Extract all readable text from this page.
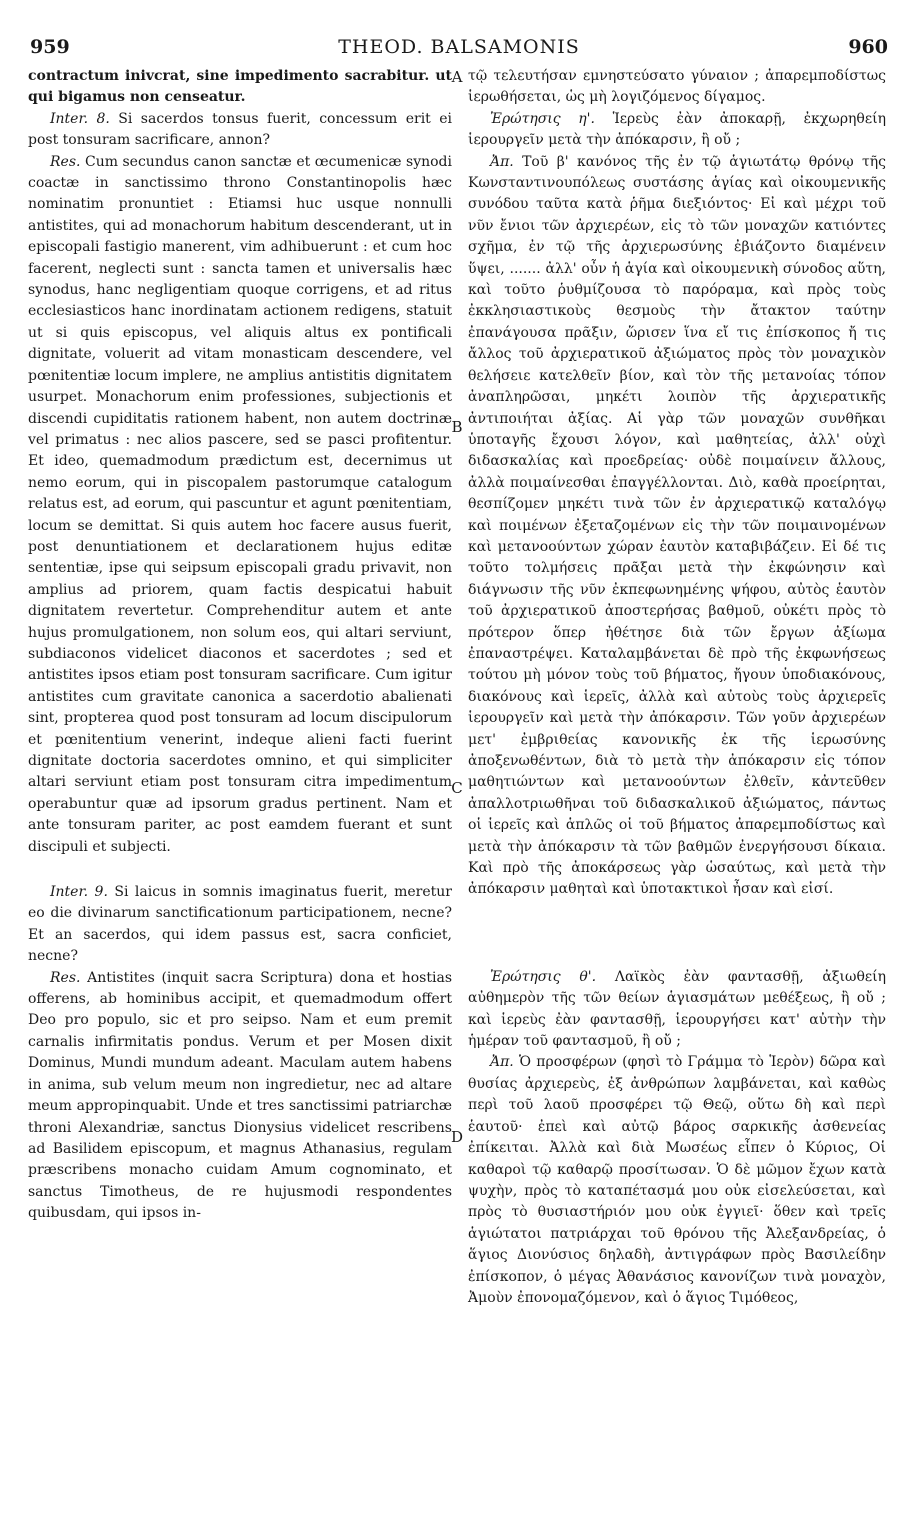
959	THEOD. BALSAMONIS	960
A
B
C
D

contractum inivcrat, sine impedimento sacrabitur. ut qui bigamus non censeatur.

Inter. 8. Si sacerdos tonsus fuerit, concessum erit ei post tonsuram sacrificare, annon?

Res. Cum secundus canon sanctæ et œcumenicæ synodi coactæ in sanctissimo throno Constantinopolis hæc nominatim pronuntiet : Etiamsi huc usque nonnulli antistites, qui ad monachorum habitum descenderant, ut in episcopali fastigio manerent, vim adhibuerunt : et cum hoc facerent, neglecti sunt : sancta tamen et universalis hæc synodus, hanc negligentiam quoque corrigens, et ad ritus ecclesiasticos hanc inordinatam actionem redigens, statuit ut si quis episcopus, vel aliquis altus ex pontificali dignitate, voluerit ad vitam monasticam descendere, vel pœnitentiæ locum implere, ne amplius antistitis dignitatem usurpet. Monachorum enim professiones, subjectionis et discendi cupiditatis rationem habent, non autem doctrinæ vel primatus : nec alios pascere, sed se pasci profitentur. Et ideo, quemadmodum prædictum est, decernimus ut nemo eorum, qui in piscopalem pastorumque catalogum relatus est, ad eorum, qui pascuntur et agunt pœnitentiam, locum se demittat. Si quis autem hoc facere ausus fuerit, post denuntiationem et declarationem hujus editæ sententiæ, ipse qui seipsum episcopali gradu privavit, non amplius ad priorem, quam factis despicatui habuit dignitatem revertetur. Comprehenditur autem et ante hujus promulgationem, non solum eos, qui altari serviunt, subdiaconos videlicet diaconos et sacerdotes ; sed et antistites ipsos etiam post tonsuram sacrificare. Cum igitur antistites cum gravitate canonica a sacerdotio abalienati sint, propterea quod post tonsuram ad locum discipulorum et pœnitentium venerint, indeque alieni facti fuerint dignitate doctoria sacerdotes omnino, et qui simpliciter altari serviunt etiam post tonsuram citra impedimentum operabuntur quæ ad ipsorum gradus pertinent. Nam et ante tonsuram pariter, ac post eamdem fuerant et sunt discipuli et subjecti.

Inter. 9. Si laicus in somnis imaginatus fuerit, meretur eo die divinarum sanctificationum participationem, necne? Et an sacerdos, qui idem passus est, sacra conficiet, necne?

Res. Antistites (inquit sacra Scriptura) dona et hostias offerens, ab hominibus accipit, et quemadmodum offert Deo pro populo, sic et pro seipso. Nam et eum premit carnalis infirmitatis pondus. Verum et per Mosen dixit Dominus, Mundi mundum adeant. Maculam autem habens in anima, sub velum meum non ingredietur, nec ad altare meum appropinquabit. Unde et tres sanctissimi patriarchæ throni Alexandriæ, sanctus Dionysius videlicet rescribens ad Basilidem episcopum, et magnus Athanasius, regulam præscribens monacho cuidam Amum cognominato, et sanctus Timotheus, de re hujusmodi respondentes quibusdam, qui ipsos in-

τῷ τελευτήσαν εμνηστεύσατο γύναιον ; ἀπαρεμποδίστως ἱερωθήσεται, ὡς μὴ λογιζόμενος δίγαμος.

Ἐρώτησις η'. Ἱερεὺς ἐὰν ἀποκαρῇ, ἐκχωρηθείη ἱερουργεῖν μετὰ τὴν ἀπόκαρσιν, ἢ οὔ ;

Ἀπ. Τοῦ β' κανόνος τῆς ἐν τῷ ἁγιωτάτῳ θρόνῳ τῆς Κωνσταντινουπόλεως συστάσης ἁγίας καὶ οἰκουμενικῆς συνόδου ταῦτα κατὰ ῥῆμα διεξιόντος· Εἰ καὶ μέχρι τοῦ νῦν ἔνιοι τῶν ἀρχιερέων, εἰς τὸ τῶν μοναχῶν κατιόντες σχῆμα, ἐν τῷ τῆς ἀρχιερωσύνης ἐβιάζοντο διαμένειν ὕψει, ....... ἀλλ' οὖν ἡ ἁγία καὶ οἰκουμενικὴ σύνοδος αὕτη, καὶ τοῦτο ῥυθμίζουσα τὸ παρόραμα, καὶ πρὸς τοὺς ἐκκλησιαστικοὺς θεσμοὺς τὴν ἄτακτον ταύτην ἐπανάγουσα πρᾶξιν, ὥρισεν ἵνα εἴ τις ἐπίσκοπος ἤ τις ἄλλος τοῦ ἀρχιερατικοῦ ἀξιώματος πρὸς τὸν μοναχικὸν θελήσειε κατελθεῖν βίον, καὶ τὸν τῆς μετανοίας τόπον ἀναπληρῶσαι, μηκέτι λοιπὸν τῆς ἀρχιερατικῆς ἀντιποιήται ἀξίας. Αἱ γὰρ τῶν μοναχῶν συνθῆκαι ὑποταγῆς ἔχουσι λόγον, καὶ μαθητείας, ἀλλ' οὐχὶ διδασκαλίας καὶ προεδρείας· οὐδὲ ποιμαίνειν ἄλλους, ἀλλὰ ποιμαίνεσθαι ἐπαγγέλλονται. Διὸ, καθὰ προείρηται, θεσπίζομεν μηκέτι τινὰ τῶν ἐν ἀρχιερατικῷ καταλόγῳ καὶ ποιμένων ἐξεταζομένων εἰς τὴν τῶν ποιμαινομένων καὶ μετανοούντων χώραν ἑαυτὸν καταβιβάζειν. Εἰ δέ τις τοῦτο τολμήσεις πρᾶξαι μετὰ τὴν ἐκφώνησιν καὶ διάγνωσιν τῆς νῦν ἐκπεφωνημένης ψήφου, αὐτὸς ἑαυτὸν τοῦ ἀρχιερατικοῦ ἀποστερήσας βαθμοῦ, οὐκέτι πρὸς τὸ πρότερον ὅπερ ἠθέτησε διὰ τῶν ἔργων ἀξίωμα ἐπαναστρέψει. Καταλαμβάνεται δὲ πρὸ τῆς ἐκφωνήσεως τούτου μὴ μόνον τοὺς τοῦ βήματος, ἤγουν ὑποδιακόνους, διακόνους καὶ ἱερεῖς, ἀλλὰ καὶ αὐτοὺς τοὺς ἀρχιερεῖς ἱερουργεῖν καὶ μετὰ τὴν ἀπόκαρσιν. Τῶν γοῦν ἀρχιερέων μετ' ἐμβριθείας κανονικῆς ἐκ τῆς ἱερωσύνης ἀποξενωθέντων, διὰ τὸ μετὰ τὴν ἀπόκαρσιν εἰς τόπον μαθητιώντων καὶ μετανοούντων ἐλθεῖν, κἀντεῦθεν ἀπαλλοτριωθῆναι τοῦ διδασκαλικοῦ ἀξιώματος, πάντως οἱ ἱερεῖς καὶ ἁπλῶς οἱ τοῦ βήματος ἀπαρεμποδίστως καὶ μετὰ τὴν ἀπόκαρσιν τὰ τῶν βαθμῶν ἐνεργήσουσι δίκαια. Καὶ πρὸ τῆς ἀποκάρσεως γὰρ ὡσαύτως, καὶ μετὰ τὴν ἀπόκαρσιν μαθηταὶ καὶ ὑποτακτικοὶ ἦσαν καὶ εἰσί.

Ἐρώτησις θ'. Λαϊκὸς ἐὰν φαντασθῇ, ἀξιωθείη αὐθημερὸν τῆς τῶν θείων ἁγιασμάτων μεθέξεως, ἢ οὔ ; καὶ ἱερεὺς ἐὰν φαντασθῇ, ἱερουργήσει κατ' αὐτὴν τὴν ἡμέραν τοῦ φαντασμοῦ, ἢ οὔ ;

Ἀπ. Ὁ προσφέρων (φησὶ τὸ Γράμμα τὸ Ἱερὸν) δῶρα καὶ θυσίας ἀρχιερεὺς, ἐξ ἀνθρώπων λαμβάνεται, καὶ καθὼς περὶ τοῦ λαοῦ προσφέρει τῷ Θεῷ, οὕτω δὴ καὶ περὶ ἑαυτοῦ· ἐπεὶ καὶ αὐτῷ βάρος σαρκικῆς ἀσθενείας ἐπίκειται. Ἀλλὰ καὶ διὰ Μωσέως εἶπεν ὁ Κύριος, Οἱ καθαροὶ τῷ καθαρῷ προσίτωσαν. Ὁ δὲ μῶμον ἔχων κατὰ ψυχὴν, πρὸς τὸ καταπέτασμά μου οὐκ εἰσελεύσεται, καὶ πρὸς τὸ θυσιαστήριόν μου οὐκ ἐγγιεῖ· ὅθεν καὶ τρεῖς ἁγιώτατοι πατριάρχαι τοῦ θρόνου τῆς Ἀλεξανδρείας, ὁ ἅγιος Διονύσιος δηλαδὴ, ἀντιγράφων πρὸς Βασιλείδην ἐπίσκοπον, ὁ μέγας Ἀθανάσιος κανονίζων τινὰ μοναχὸν, Ἀμοὺν ἐπονομαζόμενον, καὶ ὁ ἅγιος Τιμόθεος,
